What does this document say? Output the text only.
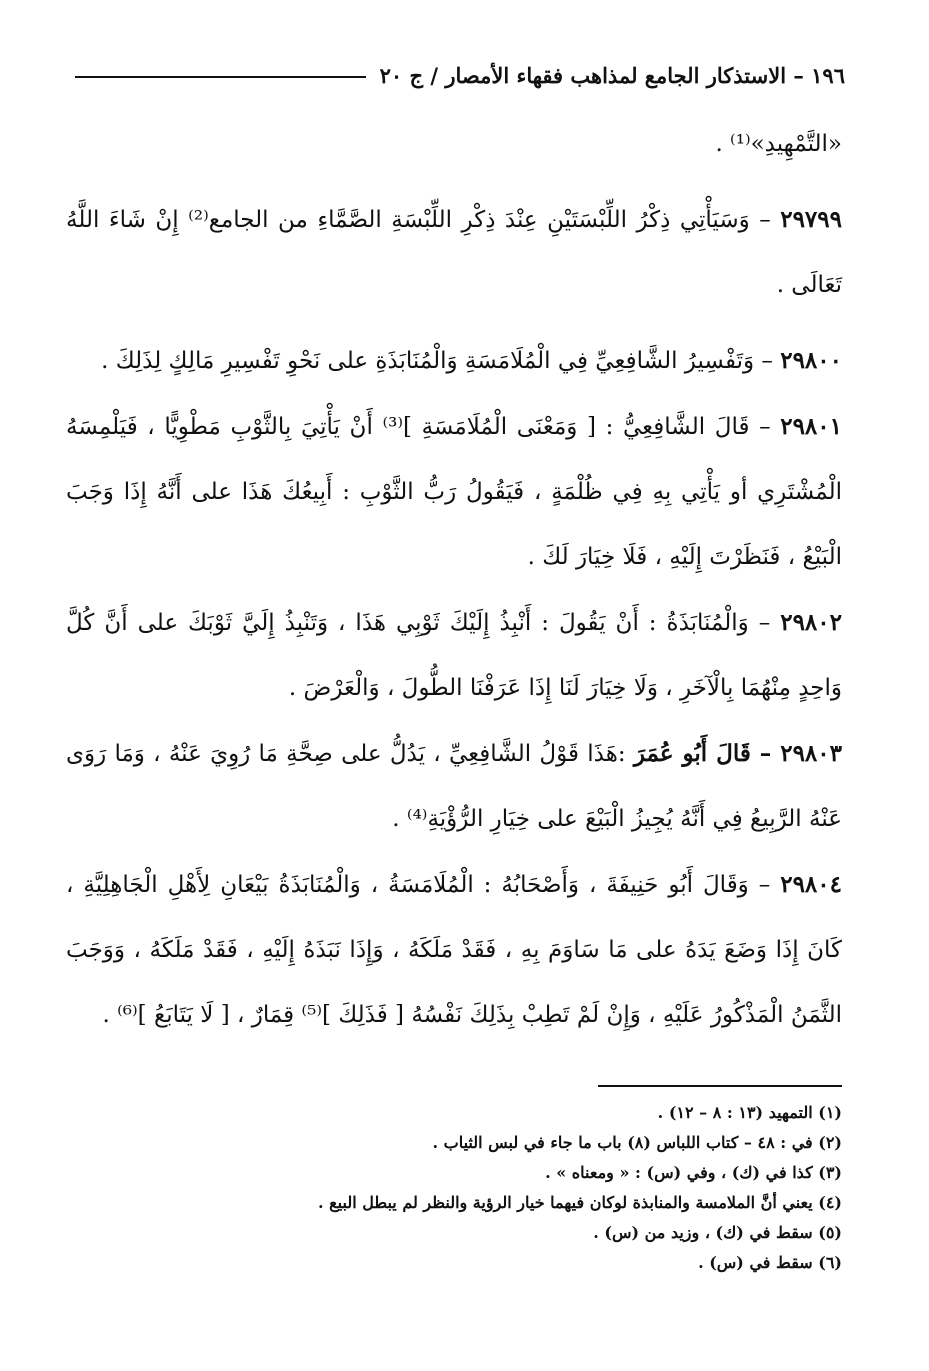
١٩٦ – الاستذكار الجامع لمذاهب فقهاء الأمصار / ج ٢٠

«التَّمْهِيدِ»⁽¹⁾ .

٢٩٧٩٩ – وَسَيَأْتِي ذِكْرُ اللِّبْسَتَيْنِ عِنْدَ ذِكْرِ اللِّبْسَةِ الصَّمَّاءِ من الجامع⁽²⁾ إِنْ شَاءَ اللَّهُ تَعَالَى .

٢٩٨٠٠ – وَتَفْسِيرُ الشَّافِعِيِّ فِي الْمُلَامَسَةِ وَالْمُنَابَذَةِ على نَحْوِ تَفْسِيرِ مَالِكٍ لِذَلِكَ .

٢٩٨٠١ – قَالَ الشَّافِعِيُّ : [ وَمَعْنَى الْمُلَامَسَةِ ]⁽³⁾ أَنْ يَأْتِيَ بِالثَّوْبِ مَطْوِيًّا ، فَيَلْمِسَهُ الْمُشْتَرِي أو يَأْتِي بِهِ فِي ظُلْمَةٍ ، فَيَقُولُ رَبُّ الثَّوْبِ : أَبِيعُكَ هَذَا على أَنَّهُ إِذَا وَجَبَ الْبَيْعُ ، فَنَظَرْتَ إِلَيْهِ ، فَلَا خِيَارَ لَكَ .

٢٩٨٠٢ – وَالْمُنَابَذَةُ : أَنْ يَقُولَ : أَنْبِذُ إِلَيْكَ ثَوْبِي هَذَا ، وَتَنْبِذُ إِلَيَّ ثَوْبَكَ على أَنَّ كُلَّ وَاحِدٍ مِنْهُمَا بِالْآخَرِ ، وَلَا خِيَارَ لَنَا إِذَا عَرَفْنَا الطُّولَ ، وَالْعَرْضَ .

٢٩٨٠٣ – قَالَ أَبُو عُمَرَ :هَذَا قَوْلُ الشَّافِعِيِّ ، يَدُلُّ على صِحَّةِ مَا رُوِيَ عَنْهُ ، وَمَا رَوَى عَنْهُ الرَّبِيعُ فِي أَنَّهُ يُجِيزُ الْبَيْعَ على خِيَارِ الرُّؤْيَةِ⁽⁴⁾ .

٢٩٨٠٤ – وَقَالَ أَبُو حَنِيفَةَ ، وَأَصْحَابُهُ : الْمُلَامَسَةُ ، وَالْمُنَابَذَةُ بَيْعَانِ لِأَهْلِ الْجَاهِلِيَّةِ ، كَانَ إِذَا وَضَعَ يَدَهُ على مَا سَاوَمَ بِهِ ، فَقَدْ مَلَكَهُ ، وَإِذَا نَبَذَهُ إِلَيْهِ ، فَقَدْ مَلَكَهُ ، وَوَجَبَ الثَّمَنُ الْمَذْكُورُ عَلَيْهِ ، وَإِنْ لَمْ تَطِبْ بِذَلِكَ نَفْسُهُ [ فَذَلِكَ ]⁽⁵⁾ قِمَارٌ ، [ لَا يَتَابَعُ ]⁽⁶⁾ .

(١) التمهيد (١٣ : ٨ – ١٢) .

(٢) في : ٤٨ – كتاب اللباس (٨) باب ما جاء في لبس الثياب .

(٣) كذا في (ك) ، وفي (س) : « ومعناه » .

(٤) يعني أنَّ الملامسة والمنابذة لوكان فيهما خيار الرؤية والنظر لم يبطل البيع .

(٥) سقط في (ك) ، وزيد من (س) .

(٦) سقط في (س) .
